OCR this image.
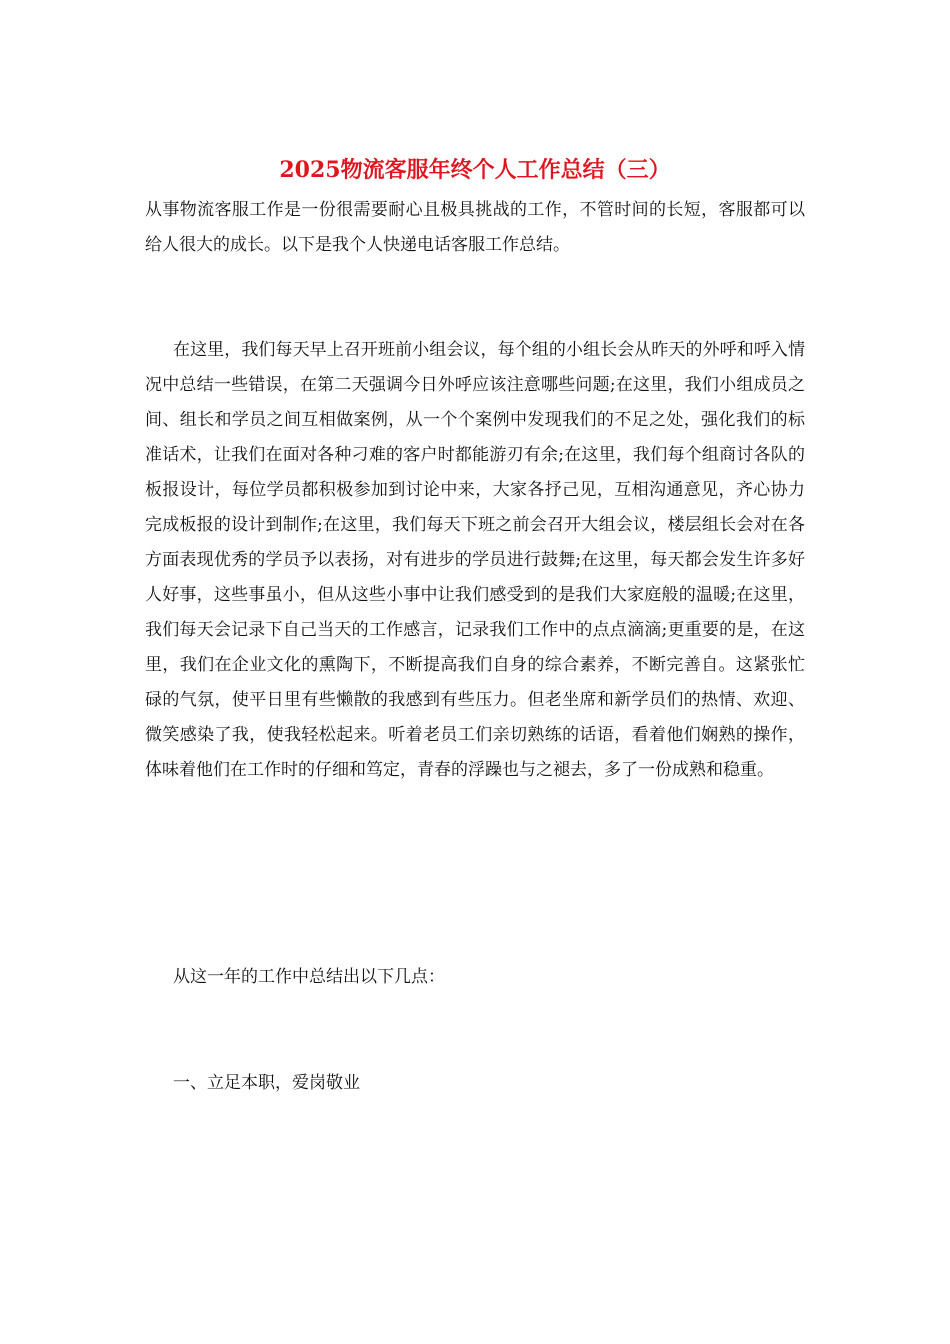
2025物流客服年终个人工作总结（三）

从事物流客服工作是一份很需要耐心且极具挑战的工作，不管时间的长短，客服都可以给人很大的成长。以下是我个人快递电话客服工作总结。

在这里，我们每天早上召开班前小组会议，每个组的小组长会从昨天的外呼和呼入情况中总结一些错误，在第二天强调今日外呼应该注意哪些问题;在这里，我们小组成员之间、组长和学员之间互相做案例，从一个个案例中发现我们的不足之处，强化我们的标准话术，让我们在面对各种刁难的客户时都能游刃有余;在这里，我们每个组商讨各队的板报设计，每位学员都积极参加到讨论中来，大家各抒己见，互相沟通意见，齐心协力完成板报的设计到制作;在这里，我们每天下班之前会召开大组会议，楼层组长会对在各方面表现优秀的学员予以表扬，对有进步的学员进行鼓舞;在这里，每天都会发生许多好人好事，这些事虽小，但从这些小事中让我们感受到的是我们大家庭般的温暖;在这里，我们每天会记录下自己当天的工作感言，记录我们工作中的点点滴滴;更重要的是，在这里，我们在企业文化的熏陶下，不断提高我们自身的综合素养，不断完善自。这紧张忙碌的气氛，使平日里有些懒散的我感到有些压力。但老坐席和新学员们的热情、欢迎、微笑感染了我，使我轻松起来。听着老员工们亲切熟练的话语，看着他们娴熟的操作，体味着他们在工作时的仔细和笃定，青春的浮躁也与之褪去，多了一份成熟和稳重。

从这一年的工作中总结出以下几点：

一、立足本职，爱岗敬业
